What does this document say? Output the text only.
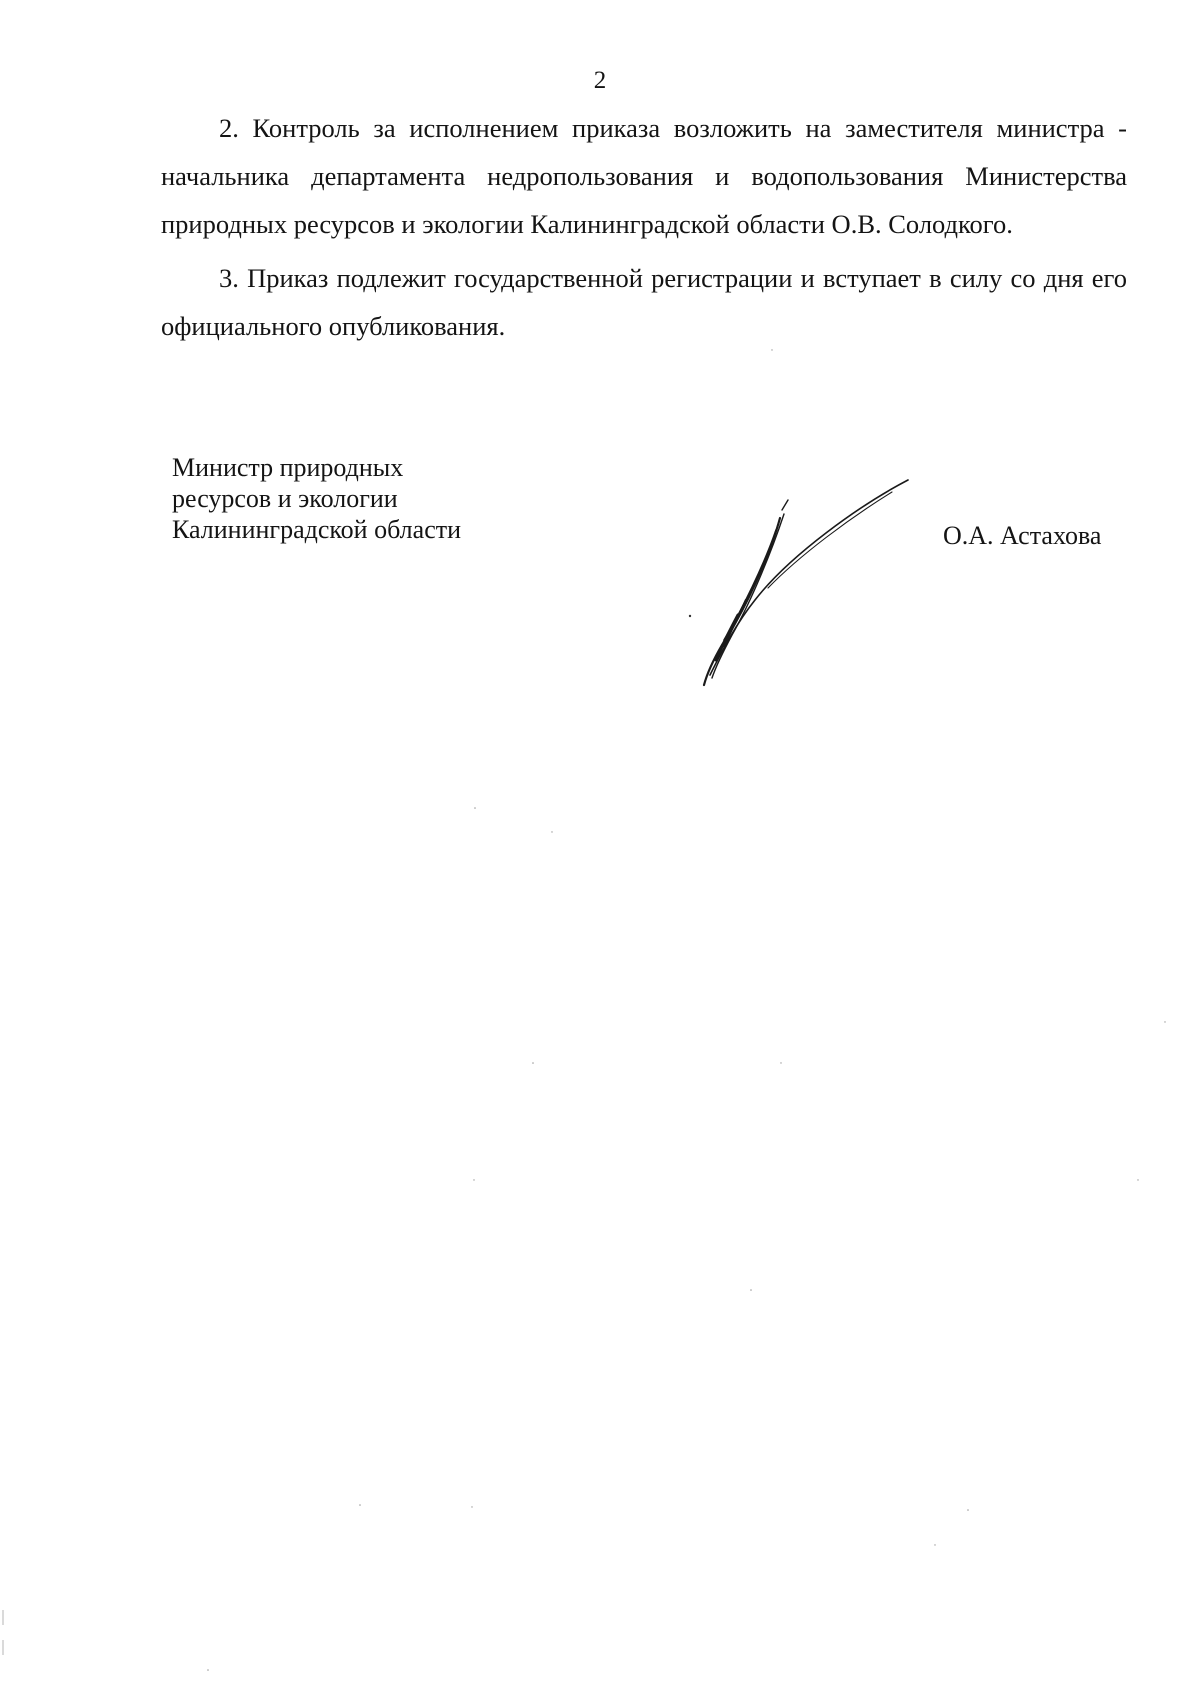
2

2. Контроль за исполнением приказа возложить на заместителя министра - начальника департамента недропользования и водопользования Министерства природных ресурсов и экологии Калининградской области О.В. Солодкого.

3. Приказ подлежит государственной регистрации и вступает в силу со дня его официального опубликования.

Министр природных
ресурсов и экологии
Калининградской области	О.А. Астахова
